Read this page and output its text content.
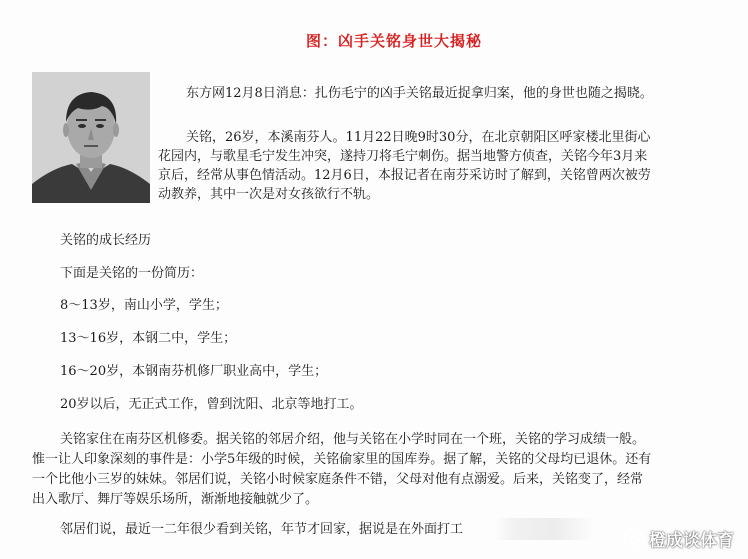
图：凶手关铭身世大揭秘

东方网12月8日消息：扎伤毛宁的凶手关铭最近捉拿归案，他的身世也随之揭晓。

关铭，26岁，本溪南芬人。11月22日晚9时30分，在北京朝阳区呼家楼北里街心花园内，与歌星毛宁发生冲突，遂持刀将毛宁刺伤。据当地警方侦查，关铭今年3月来京后，经常从事色情活动。12月6日，本报记者在南芬采访时了解到，关铭曾两次被劳动教养，其中一次是对女孩欲行不轨。

关铭的成长经历

下面是关铭的一份简历：

8～13岁，南山小学，学生；

13～16岁，本钢二中，学生；

16～20岁，本钢南芬机修厂职业高中，学生；

20岁以后，无正式工作，曾到沈阳、北京等地打工。

关铭家住在南芬区机修委。据关铭的邻居介绍，他与关铭在小学时同在一个班，关铭的学习成绩一般。惟一让人印象深刻的事件是：小学5年级的时候，关铭偷家里的国库券。据了解，关铭的父母均已退休。还有一个比他小三岁的妹妹。邻居们说，关铭小时候家庭条件不错，父母对他有点溺爱。后来，关铭变了，经常出入歌厅、舞厅等娱乐场所，渐渐地接触就少了。

邻居们说，最近一二年很少看到关铭，年节才回家，据说是在外面打工

橙成谈体育
